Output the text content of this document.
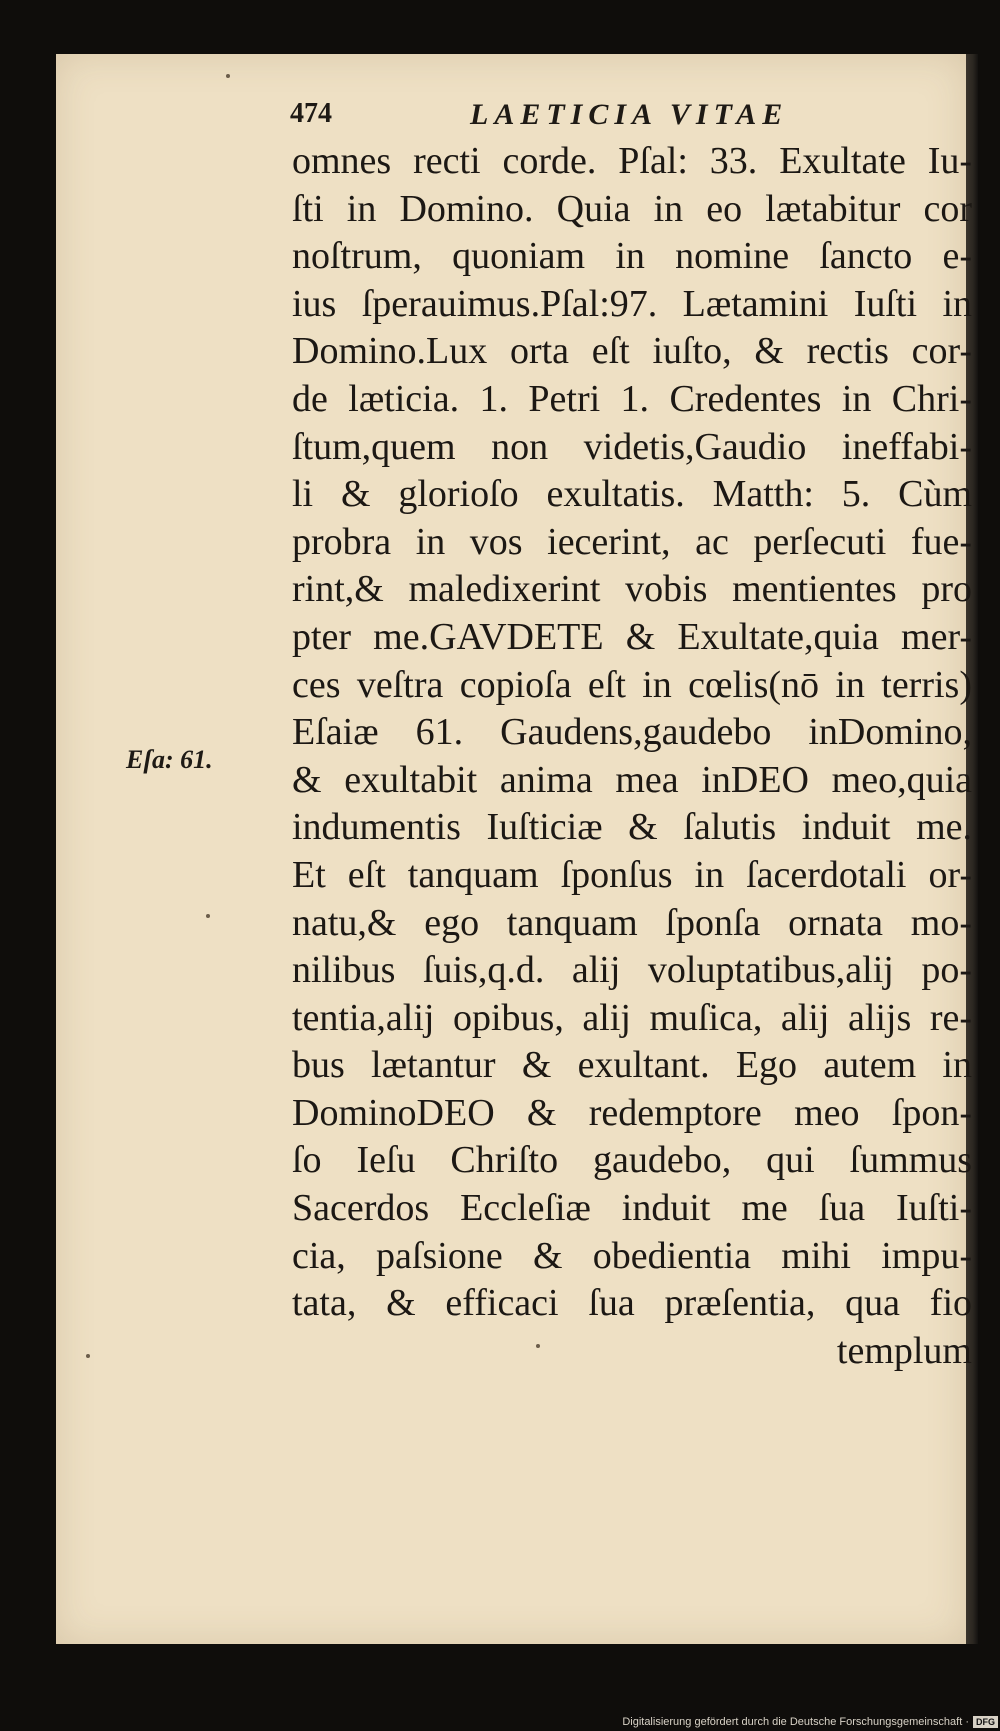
474	LAETICIA VITAE
Eſa: 61.
omnes recti corde. Pſal: 33. Exultate Iu-
ſti in Domino. Quia in eo lætabitur cor
noſtrum, quoniam in nomine ſancto e-
ius ſperauimus.Pſal:97. Lætamini Iuſti in
Domino.Lux orta eſt iuſto, & rectis cor-
de læticia. 1. Petri 1. Credentes in Chri-
ſtum,quem non videtis,Gaudio ineffabi-
li & glorioſo exultatis. Matth: 5. Cùm
probra in vos iecerint, ac perſecuti fue-
rint,& maledixerint vobis mentientes pro
pter me.GAVDETE & Exultate,quia mer-
ces veſtra copioſa eſt in cœlis(nō in terris)
Eſaiæ 61. Gaudens,gaudebo inDomino,
& exultabit anima mea inDEO meo,quia
indumentis Iuſticiæ & ſalutis induit me.
Et eſt tanquam ſponſus in ſacerdotali or-
natu,& ego tanquam ſponſa ornata mo-
nilibus ſuis,q.d. alij voluptatibus,alij po-
tentia,alij opibus, alij muſica, alij alijs re-
bus lætantur & exultant. Ego autem in
DominoDEO & redemptore meo ſpon-
ſo Ieſu Chriſto gaudebo, qui ſummus
Sacerdos Eccleſiæ induit me ſua Iuſti-
cia, paſsione & obedientia mihi impu-
tata, & efficaci ſua præſentia, qua fio
templum
Digitalisierung gefördert durch die Deutsche Forschungsgemeinschaft · DFG
